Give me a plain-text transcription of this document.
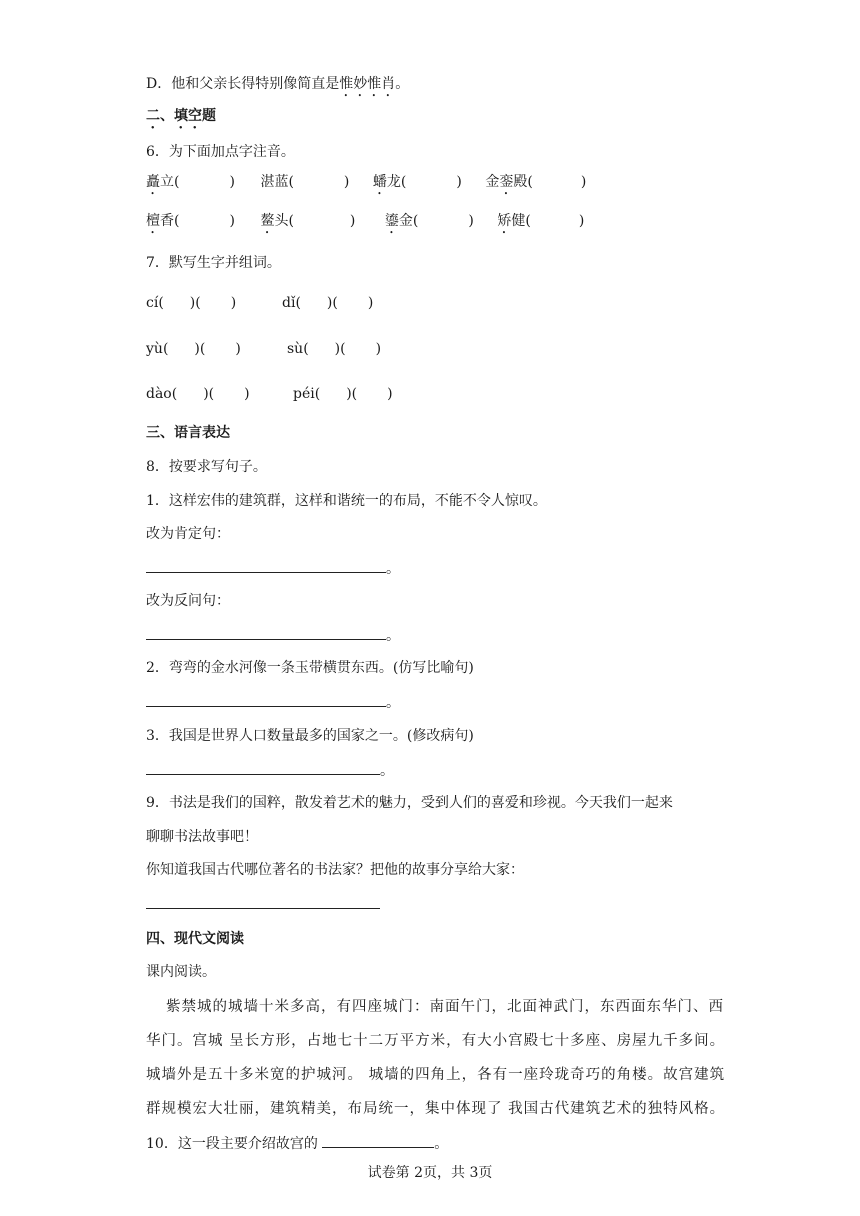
D．他和父亲长得特别像简直是惟妙惟肖。
二、填空题
6．为下面加点字注音。
矗立(	) 湛蓝(	) 蟠龙(	) 金銮殿(	)
檀香(	) 鳌头(	) 鎏金(	) 矫健(	)
7．默写生字并组词。
cí( )( )	dǐ( )( )
yù( )( )	sù( )( )
dào( )( )	péi( )( )
三、语言表达
8．按要求写句子。
1．这样宏伟的建筑群，这样和谐统一的布局，不能不令人惊叹。
改为肯定句：
。
改为反问句：
。
2．弯弯的金水河像一条玉带横贯东西。(仿写比喻句)
。
3．我国是世界人口数量最多的国家之一。(修改病句)
。
9．书法是我们的国粹，散发着艺术的魅力，受到人们的喜爱和珍视。今天我们一起来
聊聊书法故事吧！
你知道我国古代哪位著名的书法家？把他的故事分享给大家：
四、现代文阅读
课内阅读。
紫禁城的城墙十米多高，有四座城门：南面午门，北面神武门，东西面东华门、西
华门。宫城 呈长方形，占地七十二万平方米，有大小宫殿七十多座、房屋九千多间。
城墙外是五十多米宽的护城河。 城墙的四角上，各有一座玲珑奇巧的角楼。故宫建筑
群规模宏大壮丽，建筑精美，布局统一，集中体现了 我国古代建筑艺术的独特风格。
10．这一段主要介绍故宫的	。
试卷第 2页，共 3页
